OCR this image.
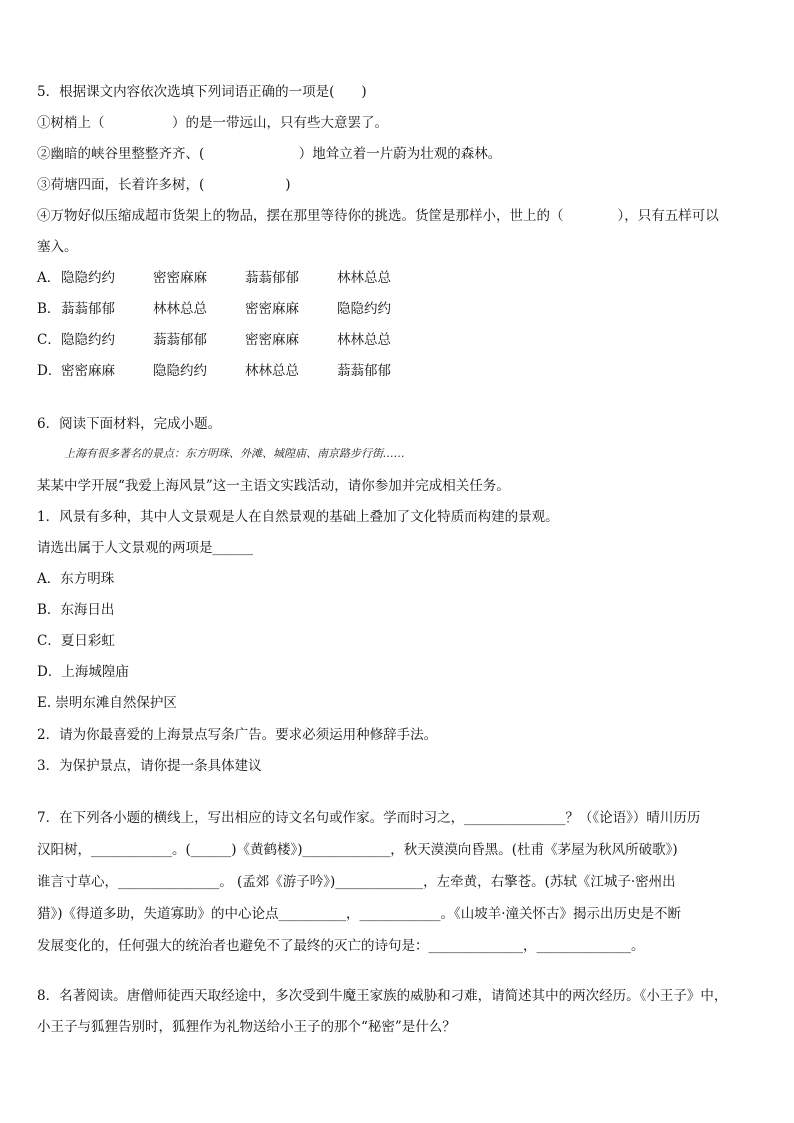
5．根据课文内容依次选填下列词语正确的一项是(　　)
①树梢上（　　　　　）的是一带远山，只有些大意罢了。
②幽暗的峡谷里整整齐齐、(　　　　　　　）地耸立着一片蔚为壮观的森林。
③荷塘四面，长着许多树，(　　　　　　)
④万物好似压缩成超市货架上的物品，摆在那里等待你的挑选。货筐是那样小，世上的（　　　　），只有五样可以
塞入。
A．隐隐约约	密密麻麻	蓊蓊郁郁	林林总总
B．蓊蓊郁郁	林林总总	密密麻麻	隐隐约约
C．隐隐约约	蓊蓊郁郁	密密麻麻	林林总总
D．密密麻麻	隐隐约约	林林总总	蓊蓊郁郁
6．阅读下面材料，完成小题。
上海有很多著名的景点：东方明珠、外滩、城隍庙、南京路步行街……
某某中学开展“我爱上海风景”这一主语文实践活动，请你参加并完成相关任务。
1．风景有多种，其中人文景观是人在自然景观的基础上叠加了文化特质而构建的景观。
请选出属于人文景观的两项是______
A．东方明珠
B．东海日出
C．夏日彩虹
D．上海城隍庙
E. 崇明东滩自然保护区
2．请为你最喜爱的上海景点写条广告。要求必须运用种修辞手法。
3．为保护景点，请你提一条具体建议
7．在下列各小题的横线上，写出相应的诗文名句或作家。学而时习之，_______________？（《论语》）晴川历历
汉阳树，____________。(______)《黄鹤楼》)_____________，秋天漠漠向昏黑。(杜甫《茅屋为秋风所破歌》)
谁言寸草心，_______________。 (孟郊《游子吟》)_____________，左牵黄，右擎苍。(苏轼《江城子·密州出
猎》)《得道多助，失道寡助》的中心论点__________，____________。《山坡羊·潼关怀古》揭示出历史是不断
发展变化的，任何强大的统治者也避免不了最终的灭亡的诗句是：______________，______________。
8．名著阅读。唐僧师徒西天取经途中，多次受到牛魔王家族的威胁和刁难，请简述其中的两次经历。《小王子》中，
小王子与狐狸告别时，狐狸作为礼物送给小王子的那个“秘密”是什么？
